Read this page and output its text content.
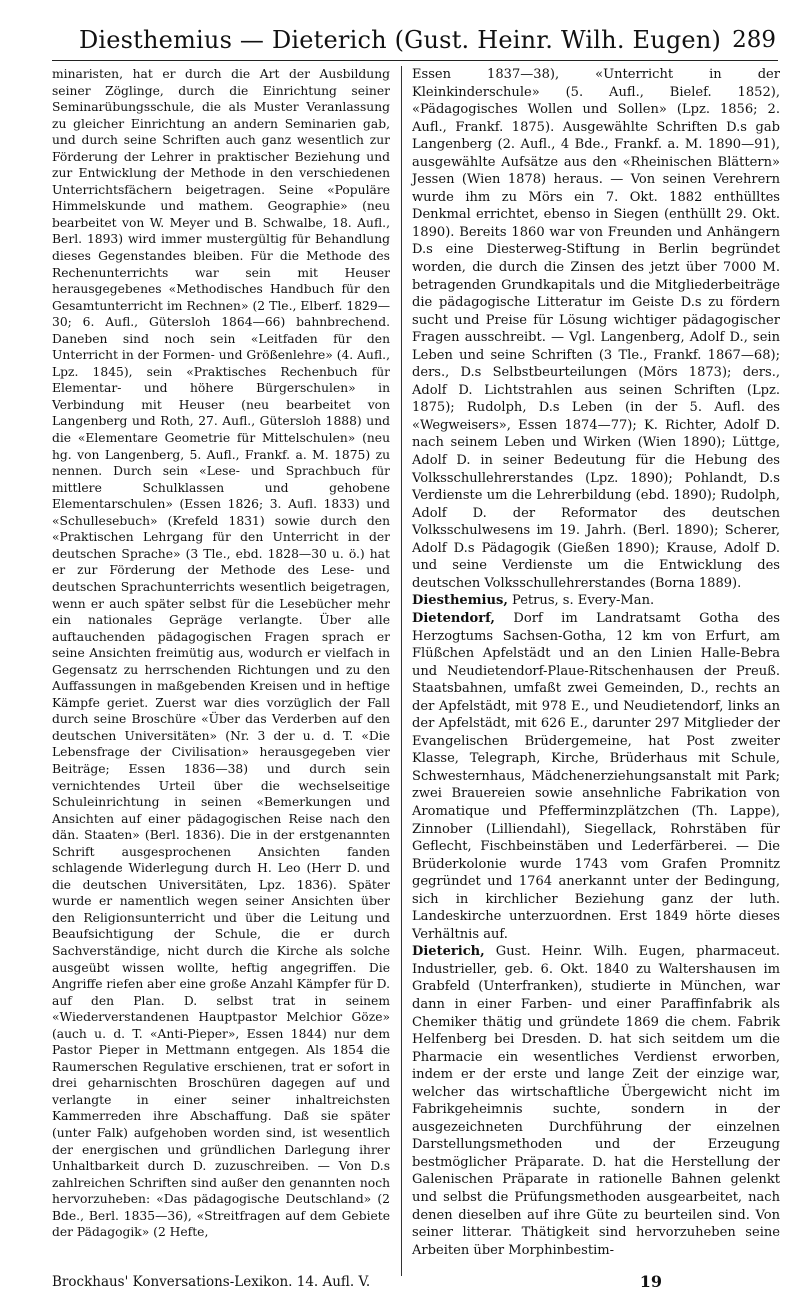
Diesthemius — Dieterich (Gust. Heinr. Wilh. Eugen) 289

minaristen, hat er durch die Art der Ausbildung seiner Zöglinge, durch die Einrichtung seiner Seminarübungsschule, die als Muster Veranlassung zu gleicher Einrichtung an andern Seminarien gab, und durch seine Schriften auch ganz wesentlich zur Förderung der Lehrer in praktischer Beziehung und zur Entwicklung der Methode in den verschiedenen Unterrichtsfächern beigetragen. Seine «Populäre Himmelskunde und mathem. Geographie» (neu bearbeitet von W. Meyer und B. Schwalbe, 18. Aufl., Berl. 1893) wird immer mustergültig für Behandlung dieses Gegenstandes bleiben. Für die Methode des Rechenunterrichts war sein mit Heuser herausgegebenes «Methodisches Handbuch für den Gesamtunterricht im Rechnen» (2 Tle., Elberf. 1829—30; 6. Aufl., Gütersloh 1864—66) bahnbrechend. Daneben sind noch sein «Leitfaden für den Unterricht in der Formen- und Größenlehre» (4. Aufl., Lpz. 1845), sein «Praktisches Rechenbuch für Elementar- und höhere Bürgerschulen» in Verbindung mit Heuser (neu bearbeitet von Langenberg und Roth, 27. Aufl., Gütersloh 1888) und die «Elementare Geometrie für Mittelschulen» (neu hg. von Langenberg, 5. Aufl., Frankf. a. M. 1875) zu nennen. Durch sein «Lese- und Sprachbuch für mittlere Schulklassen und gehobene Elementarschulen» (Essen 1826; 3. Aufl. 1833) und «Schullesebuch» (Krefeld 1831) sowie durch den «Praktischen Lehrgang für den Unterricht in der deutschen Sprache» (3 Tle., ebd. 1828—30 u. ö.) hat er zur Förderung der Methode des Lese- und deutschen Sprachunterrichts wesentlich beigetragen, wenn er auch später selbst für die Lesebücher mehr ein nationales Gepräge verlangte. Über alle auftauchenden pädagogischen Fragen sprach er seine Ansichten freimütig aus, wodurch er vielfach in Gegensatz zu herrschenden Richtungen und zu den Auffassungen in maßgebenden Kreisen und in heftige Kämpfe geriet. Zuerst war dies vorzüglich der Fall durch seine Broschüre «Über das Verderben auf den deutschen Universitäten» (Nr. 3 der u. d. T. «Die Lebensfrage der Civilisation» herausgegeben vier Beiträge; Essen 1836—38) und durch sein vernichtendes Urteil über die wechselseitige Schuleinrichtung in seinen «Bemerkungen und Ansichten auf einer pädagogischen Reise nach den dän. Staaten» (Berl. 1836). Die in der erstgenannten Schrift ausgesprochenen Ansichten fanden schlagende Widerlegung durch H. Leo (Herr D. und die deutschen Universitäten, Lpz. 1836). Später wurde er namentlich wegen seiner Ansichten über den Religionsunterricht und über die Leitung und Beaufsichtigung der Schule, die er durch Sachverständige, nicht durch die Kirche als solche ausgeübt wissen wollte, heftig angegriffen. Die Angriffe riefen aber eine große Anzahl Kämpfer für D. auf den Plan. D. selbst trat in seinem «Wiederverstandenen Hauptpastor Melchior Göze» (auch u. d. T. «Anti-Pieper», Essen 1844) nur dem Pastor Pieper in Mettmann entgegen. Als 1854 die Raumerschen Regulative erschienen, trat er sofort in drei geharnischten Broschüren dagegen auf und verlangte in einer seiner inhaltreichsten Kammerreden ihre Abschaffung. Daß sie später (unter Falk) aufgehoben worden sind, ist wesentlich der energischen und gründlichen Darlegung ihrer Unhaltbarkeit durch D. zuzuschreiben. — Von D.s zahlreichen Schriften sind außer den genannten noch hervorzuheben: «Das pädagogische Deutschland» (2 Bde., Berl. 1835—36), «Streitfragen auf dem Gebiete der Pädagogik» (2 Hefte,

Essen 1837—38), «Unterricht in der Kleinkinderschule» (5. Aufl., Bielef. 1852), «Pädagogisches Wollen und Sollen» (Lpz. 1856; 2. Aufl., Frankf. 1875). Ausgewählte Schriften D.s gab Langenberg (2. Aufl., 4 Bde., Frankf. a. M. 1890—91), ausgewählte Aufsätze aus den «Rheinischen Blättern» Jessen (Wien 1878) heraus. — Von seinen Verehrern wurde ihm zu Mörs ein 7. Okt. 1882 enthülltes Denkmal errichtet, ebenso in Siegen (enthüllt 29. Okt. 1890). Bereits 1860 war von Freunden und Anhängern D.s eine Diesterweg-Stiftung in Berlin begründet worden, die durch die Zinsen des jetzt über 7000 M. betragenden Grundkapitals und die Mitgliederbeiträge die pädagogische Litteratur im Geiste D.s zu fördern sucht und Preise für Lösung wichtiger pädagogischer Fragen ausschreibt. — Vgl. Langenberg, Adolf D., sein Leben und seine Schriften (3 Tle., Frankf. 1867—68); ders., D.s Selbstbeurteilungen (Mörs 1873); ders., Adolf D. Lichtstrahlen aus seinen Schriften (Lpz. 1875); Rudolph, D.s Leben (in der 5. Aufl. des «Wegweisers», Essen 1874—77); K. Richter, Adolf D. nach seinem Leben und Wirken (Wien 1890); Lüttge, Adolf D. in seiner Bedeutung für die Hebung des Volksschullehrerstandes (Lpz. 1890); Pohlandt, D.s Verdienste um die Lehrerbildung (ebd. 1890); Rudolph, Adolf D. der Reformator des deutschen Volksschulwesens im 19. Jahrh. (Berl. 1890); Scherer, Adolf D.s Pädagogik (Gießen 1890); Krause, Adolf D. und seine Verdienste um die Entwicklung des deutschen Volksschullehrerstandes (Borna 1889).

Diesthemius, Petrus, s. Every-Man.

Dietendorf, Dorf im Landratsamt Gotha des Herzogtums Sachsen-Gotha, 12 km von Erfurt, am Flüßchen Apfelstädt und an den Linien Halle-Bebra und Neudietendorf-Plaue-Ritschenhausen der Preuß. Staatsbahnen, umfaßt zwei Gemeinden, D., rechts an der Apfelstädt, mit 978 E., und Neudietendorf, links an der Apfelstädt, mit 626 E., darunter 297 Mitglieder der Evangelischen Brüdergemeine, hat Post zweiter Klasse, Telegraph, Kirche, Brüderhaus mit Schule, Schwesternhaus, Mädchenerziehungsanstalt mit Park; zwei Brauereien sowie ansehnliche Fabrikation von Aromatique und Pfefferminzplätzchen (Th. Lappe), Zinnober (Lilliendahl), Siegellack, Rohrstäben für Geflecht, Fischbeinstäben und Lederfärberei. — Die Brüderkolonie wurde 1743 vom Grafen Promnitz gegründet und 1764 anerkannt unter der Bedingung, sich in kirchlicher Beziehung ganz der luth. Landeskirche unterzuordnen. Erst 1849 hörte dieses Verhältnis auf.

Dieterich, Gust. Heinr. Wilh. Eugen, pharmaceut. Industrieller, geb. 6. Okt. 1840 zu Waltershausen im Grabfeld (Unterfranken), studierte in München, war dann in einer Farben- und einer Paraffinfabrik als Chemiker thätig und gründete 1869 die chem. Fabrik Helfenberg bei Dresden. D. hat sich seitdem um die Pharmacie ein wesentliches Verdienst erworben, indem er der erste und lange Zeit der einzige war, welcher das wirtschaftliche Übergewicht nicht im Fabrikgeheimnis suchte, sondern in der ausgezeichneten Durchführung der einzelnen Darstellungsmethoden und der Erzeugung bestmöglicher Präparate. D. hat die Herstellung der Galenischen Präparate in rationelle Bahnen gelenkt und selbst die Prüfungsmethoden ausgearbeitet, nach denen dieselben auf ihre Güte zu beurteilen sind. Von seiner litterar. Thätigkeit sind hervorzuheben seine Arbeiten über Morphinbestim-

Brockhaus' Konversations-Lexikon. 14. Aufl. V.	19
